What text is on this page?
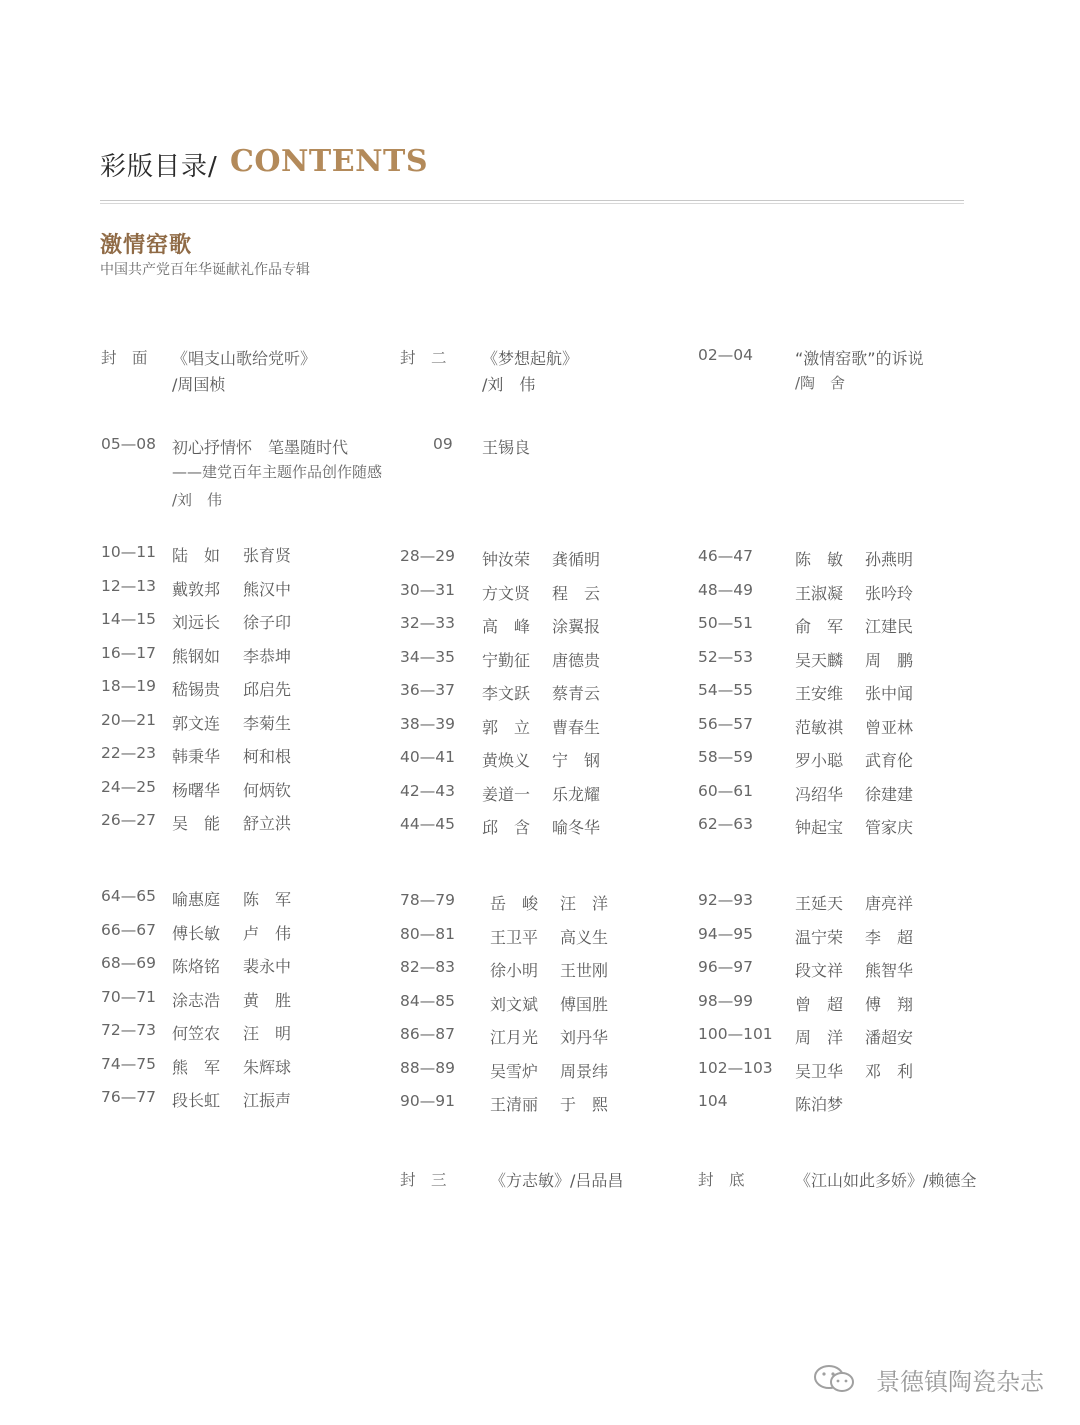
彩版目录/ CONTENTS
激情窑歌
中国共产党百年华诞献礼作品专辑
封　面 《唱支山歌给党听》
/周国桢
封　二 《梦想起航》
/刘　伟
02—04	“激情窑歌”的诉说
/陶　舍
05—08 初心抒情怀　笔墨随时代
——建党百年主题作品创作随感
/刘　伟
09 王锡良
10—11 陆　如 张育贤
12—13 戴敦邦 熊汉中
14—15 刘远长 徐子印
16—17 熊钢如 李恭坤
18—19 嵇锡贵 邱启先
20—21 郭文连 李菊生
22—23 韩秉华 柯和根
24—25 杨曙华 何炳钦
26—27 吴　能 舒立洪
28—29 钟汝荣 龚循明
30—31 方文贤 程　云
32—33 高　峰 涂翼报
34—35 宁勤征 唐德贵
36—37 李文跃 蔡青云
38—39 郭　立 曹春生
40—41 黄焕义 宁　钢
42—43 姜道一 乐龙耀
44—45 邱　含 喻冬华
46—47	陈　敏 孙燕明
48—49	王淑凝 张吟玲
50—51	俞　军 江建民
52—53	吴天麟 周　鹏
54—55	王安维 张中闻
56—57	范敏祺 曾亚林
58—59	罗小聪 武育伦
60—61	冯绍华 徐建建
62—63	钟起宝 管家庆
64—65 喻惠庭 陈　军
66—67 傅长敏 卢　伟
68—69 陈烙铭 裴永中
70—71 涂志浩 黄　胜
72—73 何笠农 汪　明
74—75 熊　军 朱辉球
76—77 段长虹 江振声
78—79 岳　峻 汪　洋
80—81 王卫平 高义生
82—83 徐小明 王世刚
84—85 刘文斌 傅国胜
86—87 江月光 刘丹华
88—89 吴雪炉 周景纬
90—91 王清丽 于　熙
92—93	王延天 唐亮祥
94—95	温宁荣 李　超
96—97	段文祥 熊智华
98—99	曾　超 傅　翔
100—101 周　洋 潘超安
102—103 吴卫华 邓　利
104	陈泊梦
封　三	《方志敏》/吕品昌	封　底	《江山如此多娇》/赖德全
景德镇陶瓷杂志
